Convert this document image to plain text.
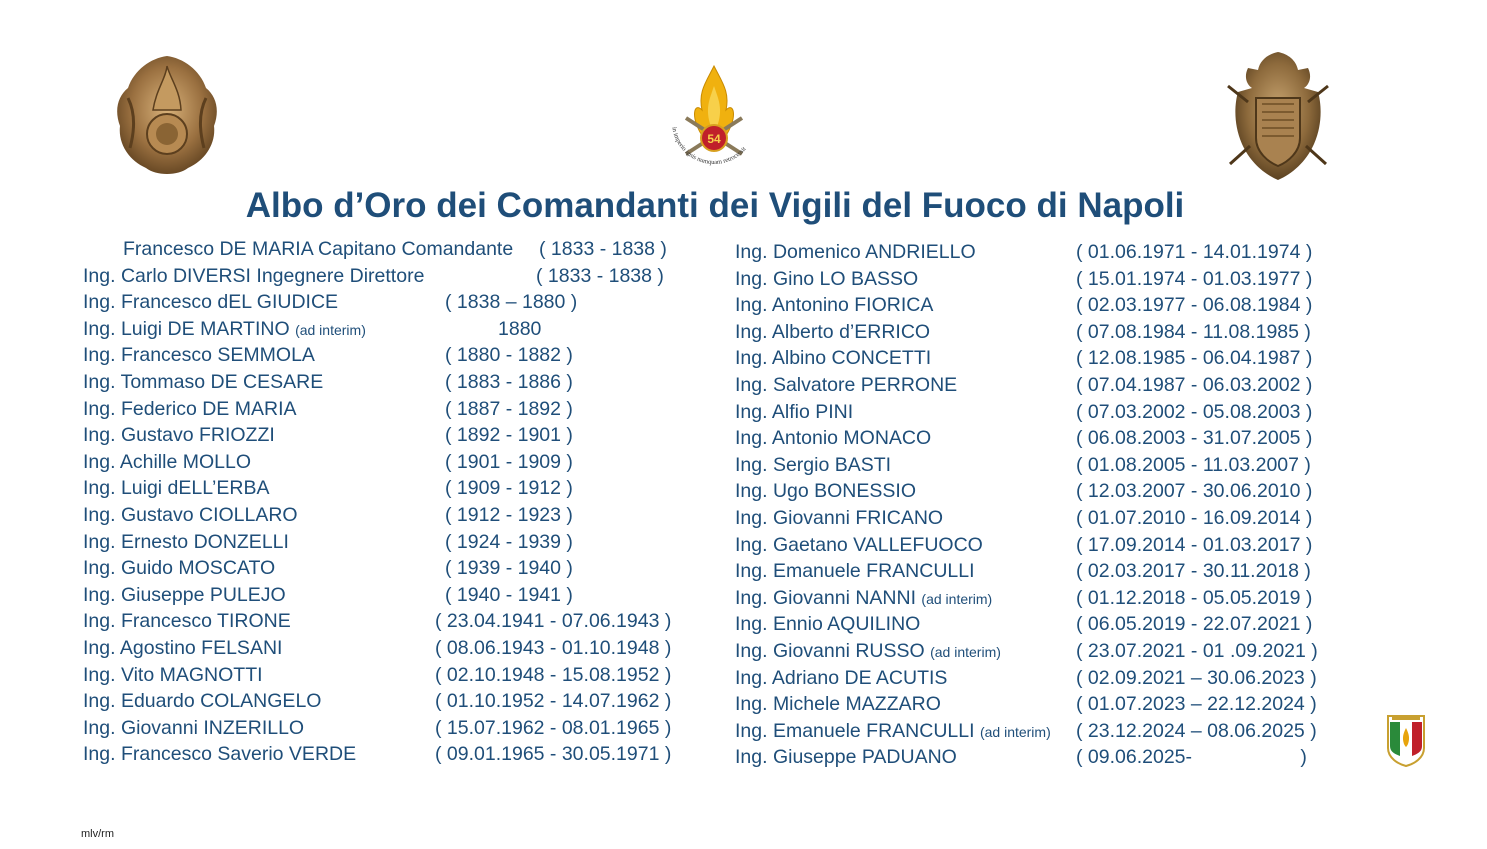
54
in imperio ignis numquam retrocessit
Albo d’Oro dei Comandanti dei Vigili del Fuoco di Napoli
Francesco DE MARIA Capitano Comandante ( 1833 - 1838 )
Ing. Carlo DIVERSI Ingegnere Direttore	( 1833 - 1838 )
Ing. Francesco dEL GIUDICE	( 1838 – 1880 )
Ing. Luigi DE MARTINO (ad interim)	1880
Ing. Francesco SEMMOLA	( 1880 - 1882 )
Ing. Tommaso DE CESARE	( 1883 - 1886 )
Ing. Federico DE MARIA	( 1887 - 1892 )
Ing. Gustavo FRIOZZI	( 1892 - 1901 )
Ing. Achille MOLLO	( 1901 - 1909 )
Ing. Luigi dELL’ERBA	( 1909 - 1912 )
Ing. Gustavo CIOLLARO	( 1912 - 1923 )
Ing. Ernesto DONZELLI	( 1924 - 1939 )
Ing. Guido MOSCATO	( 1939 - 1940 )
Ing. Giuseppe PULEJO	( 1940 - 1941 )
Ing. Francesco TIRONE	( 23.04.1941 - 07.06.1943 )
Ing. Agostino FELSANI	( 08.06.1943 - 01.10.1948 )
Ing. Vito MAGNOTTI	( 02.10.1948 - 15.08.1952 )
Ing. Eduardo COLANGELO	( 01.10.1952 - 14.07.1962 )
Ing. Giovanni INZERILLO	( 15.07.1962 - 08.01.1965 )
Ing. Francesco Saverio VERDE	( 09.01.1965 - 30.05.1971 )
Ing. Domenico ANDRIELLO	( 01.06.1971 - 14.01.1974 )
Ing. Gino LO BASSO	( 15.01.1974 - 01.03.1977 )
Ing. Antonino FIORICA	( 02.03.1977 - 06.08.1984 )
Ing. Alberto d’ERRICO	( 07.08.1984 - 11.08.1985 )
Ing. Albino CONCETTI	( 12.08.1985 - 06.04.1987 )
Ing. Salvatore PERRONE	( 07.04.1987 - 06.03.2002 )
Ing. Alfio PINI	( 07.03.2002 - 05.08.2003 )
Ing. Antonio MONACO	( 06.08.2003 - 31.07.2005 )
Ing. Sergio BASTI	( 01.08.2005 - 11.03.2007 )
Ing. Ugo BONESSIO	( 12.03.2007 - 30.06.2010 )
Ing. Giovanni FRICANO	( 01.07.2010 - 16.09.2014 )
Ing. Gaetano VALLEFUOCO	( 17.09.2014 - 01.03.2017 )
Ing. Emanuele FRANCULLI	( 02.03.2017 - 30.11.2018 )
Ing. Giovanni NANNI (ad interim)	( 01.12.2018 - 05.05.2019 )
Ing. Ennio AQUILINO	( 06.05.2019 - 22.07.2021 )
Ing. Giovanni RUSSO (ad interim)	( 23.07.2021 - 01 .09.2021 )
Ing. Adriano DE ACUTIS	( 02.09.2021 – 30.06.2023 )
Ing. Michele MAZZARO	( 01.07.2023 – 22.12.2024 )
Ing. Emanuele FRANCULLI (ad interim) ( 23.12.2024 – 08.06.2025 )
Ing. Giuseppe PADUANO	( 09.06.2025-                    )
mlv/rm
